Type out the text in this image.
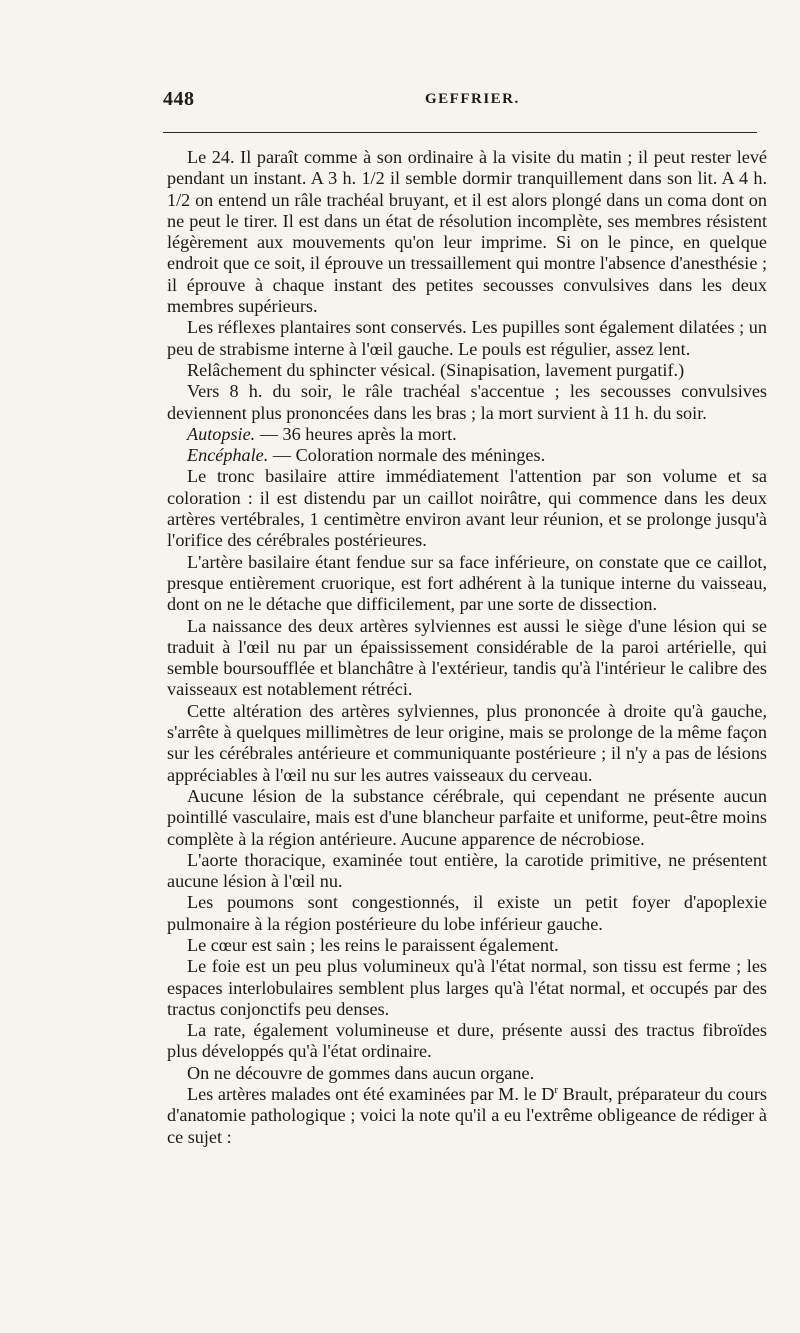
448	GEFFRIER.

Le 24. Il paraît comme à son ordinaire à la visite du matin ; il peut rester levé pendant un instant. A 3 h. 1/2 il semble dormir tranquillement dans son lit. A 4 h. 1/2 on entend un râle trachéal bruyant, et il est alors plongé dans un coma dont on ne peut le tirer. Il est dans un état de résolution incomplète, ses membres résistent légèrement aux mouvements qu'on leur imprime. Si on le pince, en quelque endroit que ce soit, il éprouve un tressaillement qui montre l'absence d'anesthésie ; il éprouve à chaque instant des petites secousses convulsives dans les deux membres supérieurs.

Les réflexes plantaires sont conservés. Les pupilles sont également dilatées ; un peu de strabisme interne à l'œil gauche. Le pouls est régulier, assez lent.

Relâchement du sphincter vésical. (Sinapisation, lavement purgatif.)

Vers 8 h. du soir, le râle trachéal s'accentue ; les secousses convulsives deviennent plus prononcées dans les bras ; la mort survient à 11 h. du soir.

Autopsie. — 36 heures après la mort.

Encéphale. — Coloration normale des méninges.

Le tronc basilaire attire immédiatement l'attention par son volume et sa coloration : il est distendu par un caillot noirâtre, qui commence dans les deux artères vertébrales, 1 centimètre environ avant leur réunion, et se prolonge jusqu'à l'orifice des cérébrales postérieures.

L'artère basilaire étant fendue sur sa face inférieure, on constate que ce caillot, presque entièrement cruorique, est fort adhérent à la tunique interne du vaisseau, dont on ne le détache que difficilement, par une sorte de dissection.

La naissance des deux artères sylviennes est aussi le siège d'une lésion qui se traduit à l'œil nu par un épaississement considérable de la paroi artérielle, qui semble boursoufflée et blanchâtre à l'extérieur, tandis qu'à l'intérieur le calibre des vaisseaux est notablement rétréci.

Cette altération des artères sylviennes, plus prononcée à droite qu'à gauche, s'arrête à quelques millimètres de leur origine, mais se prolonge de la même façon sur les cérébrales antérieure et communiquante postérieure ; il n'y a pas de lésions appréciables à l'œil nu sur les autres vaisseaux du cerveau.

Aucune lésion de la substance cérébrale, qui cependant ne présente aucun pointillé vasculaire, mais est d'une blancheur parfaite et uniforme, peut-être moins complète à la région antérieure. Aucune apparence de nécrobiose.

L'aorte thoracique, examinée tout entière, la carotide primitive, ne présentent aucune lésion à l'œil nu.

Les poumons sont congestionnés, il existe un petit foyer d'apoplexie pulmonaire à la région postérieure du lobe inférieur gauche.

Le cœur est sain ; les reins le paraissent également.

Le foie est un peu plus volumineux qu'à l'état normal, son tissu est ferme ; les espaces interlobulaires semblent plus larges qu'à l'état normal, et occupés par des tractus conjonctifs peu denses.

La rate, également volumineuse et dure, présente aussi des tractus fibroïdes plus développés qu'à l'état ordinaire.

On ne découvre de gommes dans aucun organe.

Les artères malades ont été examinées par M. le $D^r$ Brault, préparateur du cours d'anatomie pathologique ; voici la note qu'il a eu l'extrême obligeance de rédiger à ce sujet :
